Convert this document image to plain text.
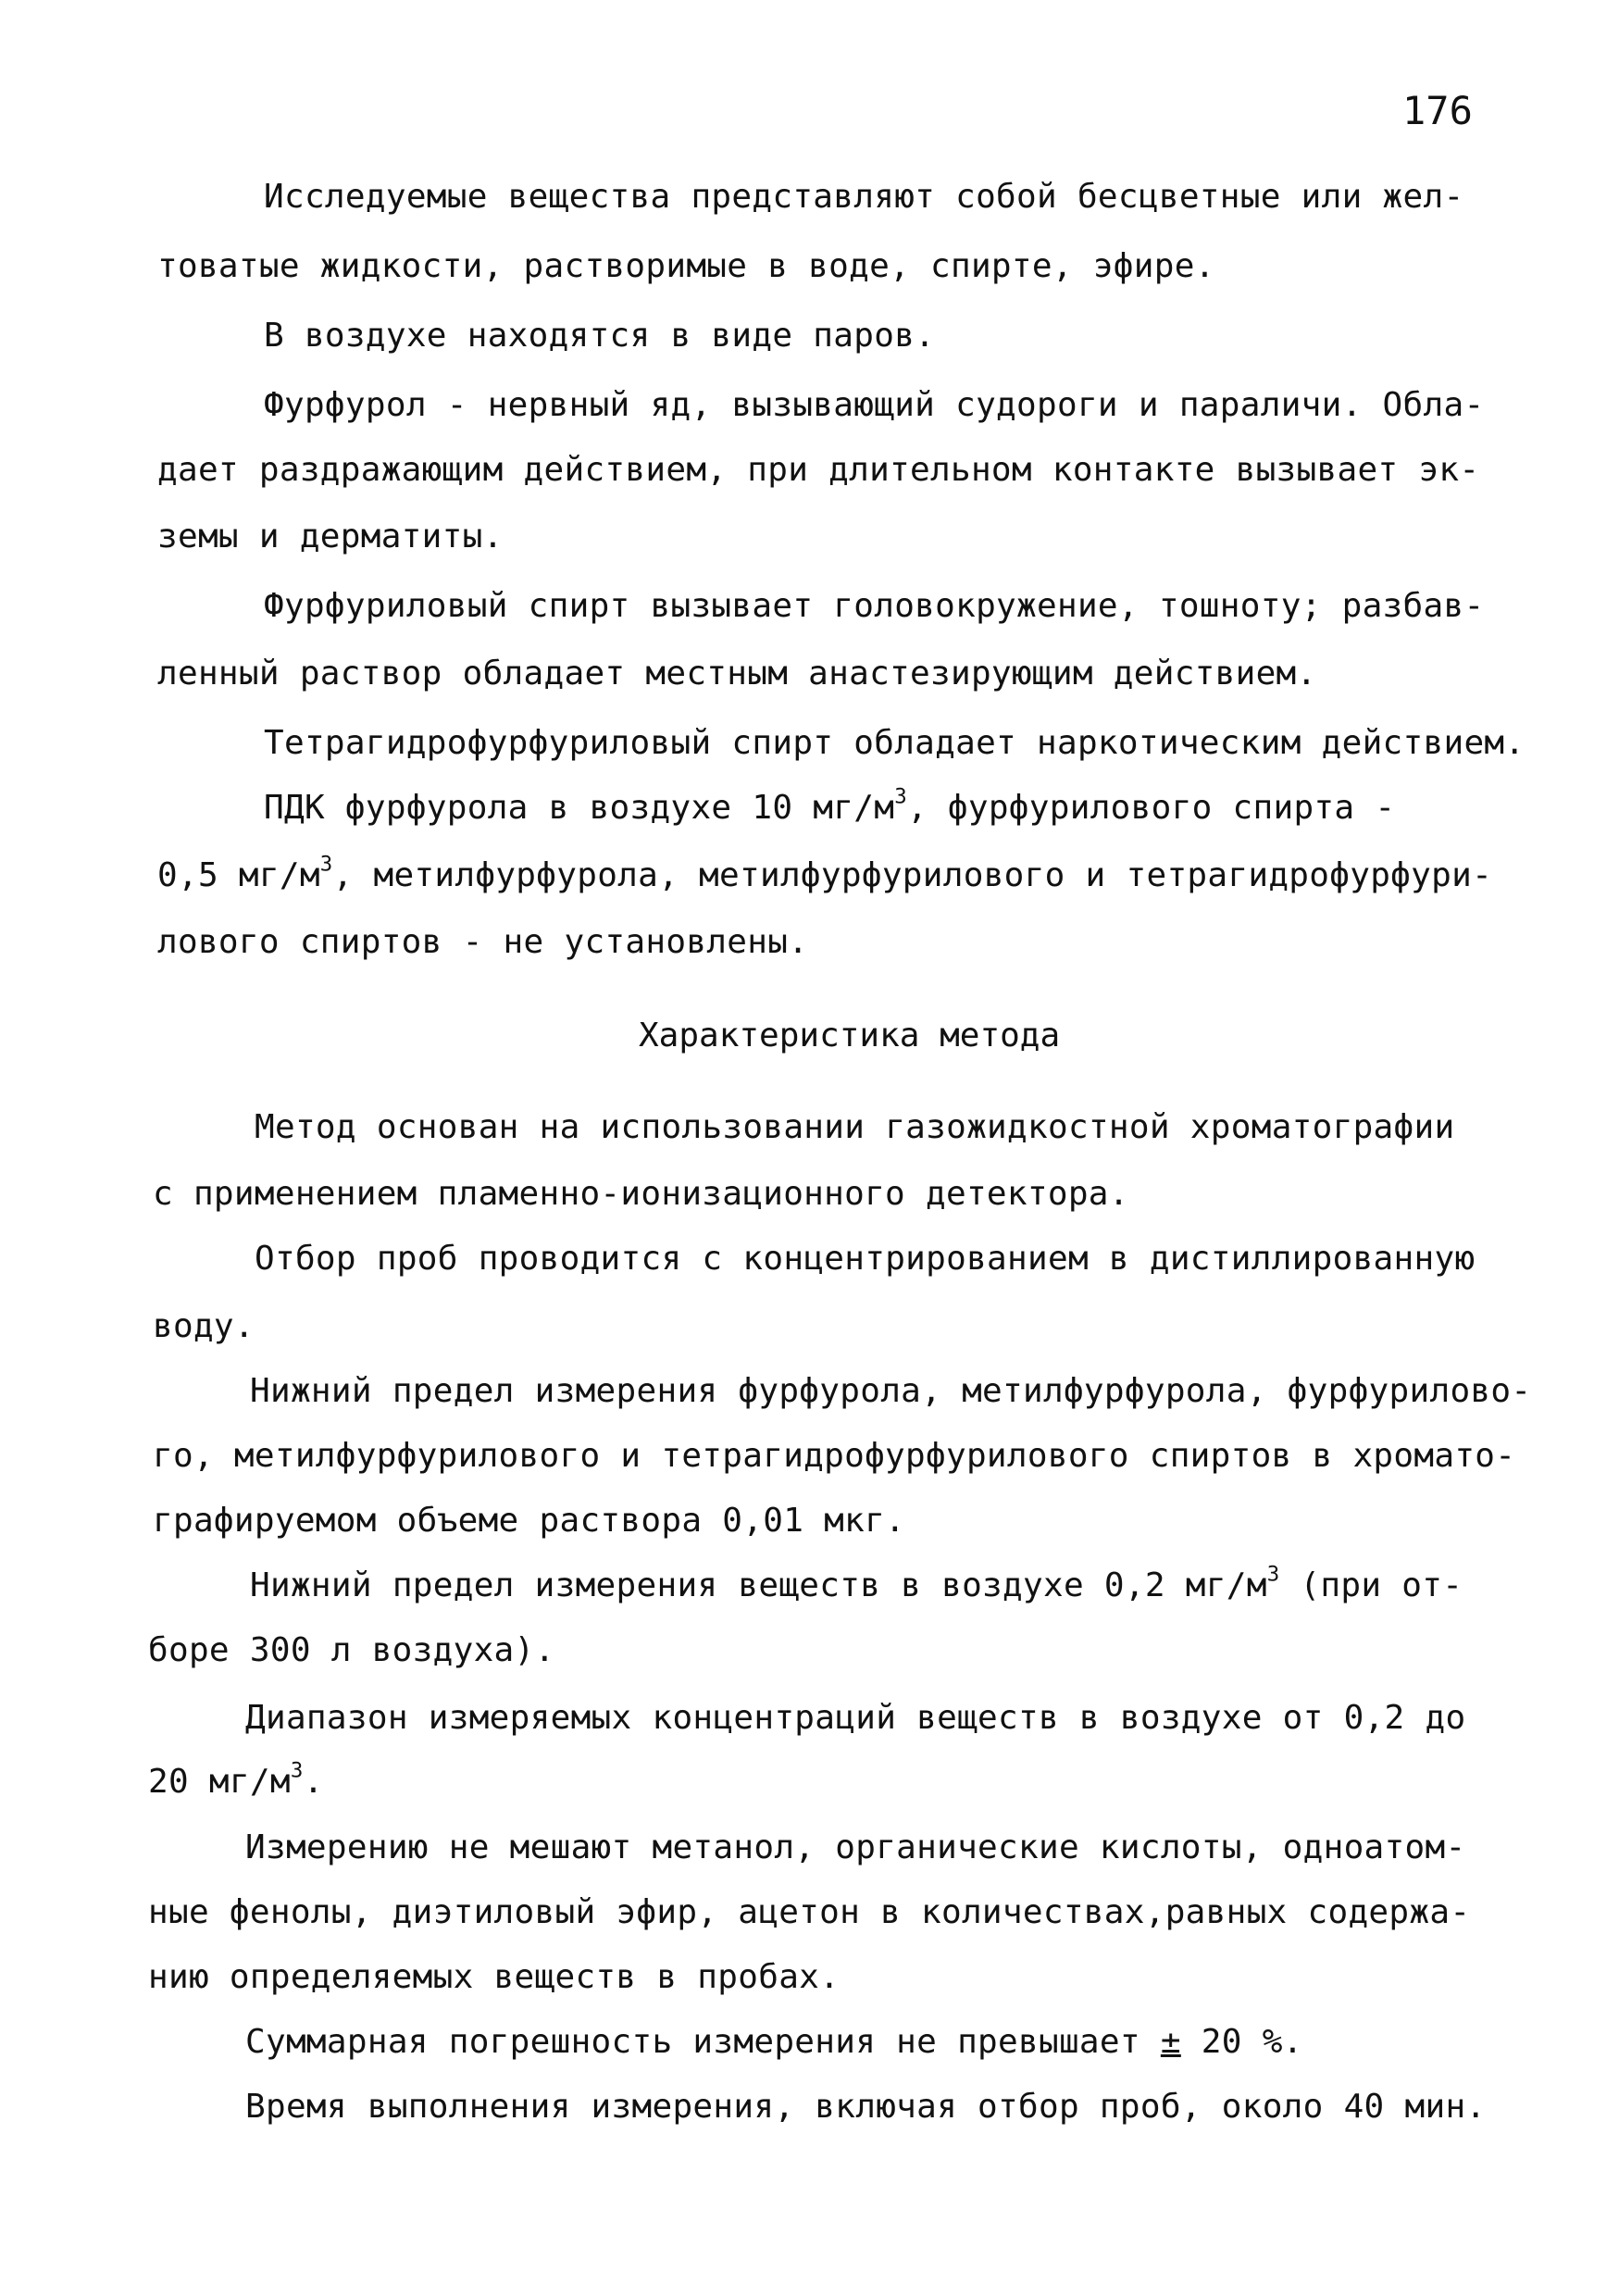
176
Исследуемые вещества представляют собой бесцветные или жел-
товатые жидкости, растворимые в воде, спирте, эфире.
В воздухе находятся в виде паров.
Фурфурол - нервный яд, вызывающий судороги и параличи. Обла-
дает раздражающим действием, при длительном контакте вызывает эк-
земы и дерматиты.
Фурфуриловый спирт вызывает головокружение, тошноту; разбав-
ленный раствор обладает местным анастезирующим действием.
Тетрагидрофурфуриловый спирт обладает наркотическим действием.
ПДК фурфурола в воздухе 10 $мг/м^3$, фурфурилового спирта -
0,5 $мг/м^3$, метилфурфурола, метилфурфурилового и тетрагидрофурфури-
лового спиртов - не установлены.
Характеристика метода
Метод основан на использовании газожидкостной хроматографии
с применением пламенно-ионизационного детектора.
Отбор проб проводится с концентрированием в дистиллированную
воду.
Нижний предел измерения фурфурола, метилфурфурола, фурфурилово-
го, метилфурфурилового и тетрагидрофурфурилового спиртов в хромато-
графируемом объеме раствора 0,01 мкг.
Нижний предел измерения веществ в воздухе 0,2 $мг/м^3$ (при от-
боре 300 л воздуха).
Диапазон измеряемых концентраций веществ в воздухе от 0,2 до
20 $мг/м^3$.
Измерению не мешают метанол, органические кислоты, одноатом-
ные фенолы, диэтиловый эфир, ацетон в количествах,равных содержа-
нию определяемых веществ в пробах.
Суммарная погрешность измерения не превышает ± 20 %.
Время выполнения измерения, включая отбор проб, около 40 мин.
